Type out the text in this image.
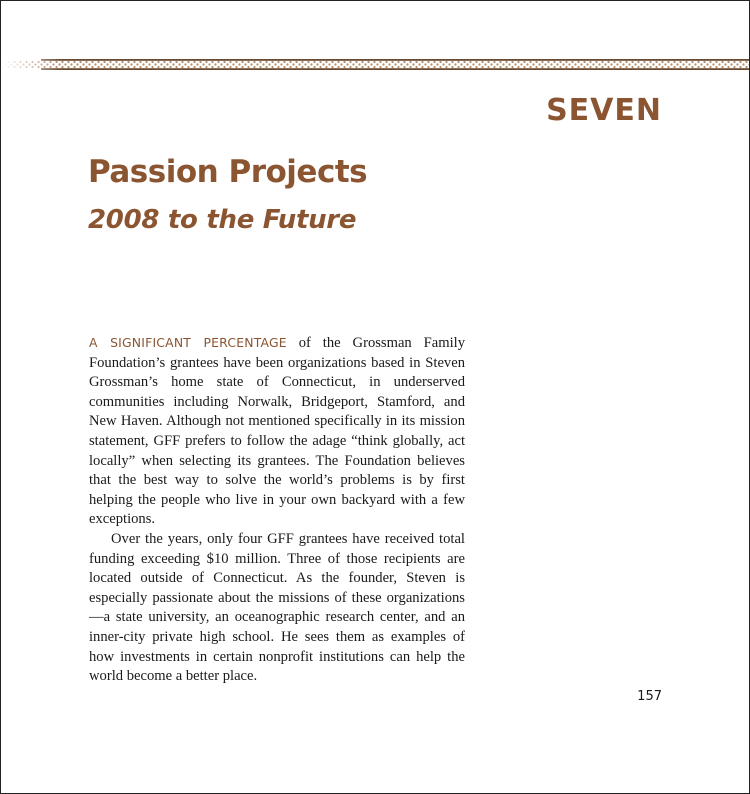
SEVEN
Passion Projects
2008 to the Future

A SIGNIFICANT PERCENTAGE of the Grossman Family Foundation’s grantees have been organizations based in Steven Grossman’s home state of Connecticut, in underserved communities including Norwalk, Bridgeport, Stamford, and New Haven. Although not mentioned specifically in its mission statement, GFF prefers to follow the adage “think globally, act locally” when selecting its grantees. The Foundation believes that the best way to solve the world’s problems is by first helping the people who live in your own backyard with a few exceptions.

Over the years, only four GFF grantees have received total funding exceeding $10 million. Three of those recipients are located outside of Connecticut. As the founder, Steven is especially passionate about the missions of these organizations—a state university, an oceanographic research center, and an inner-city private high school. He sees them as examples of how investments in certain nonprofit institutions can help the world become a better place.

157
